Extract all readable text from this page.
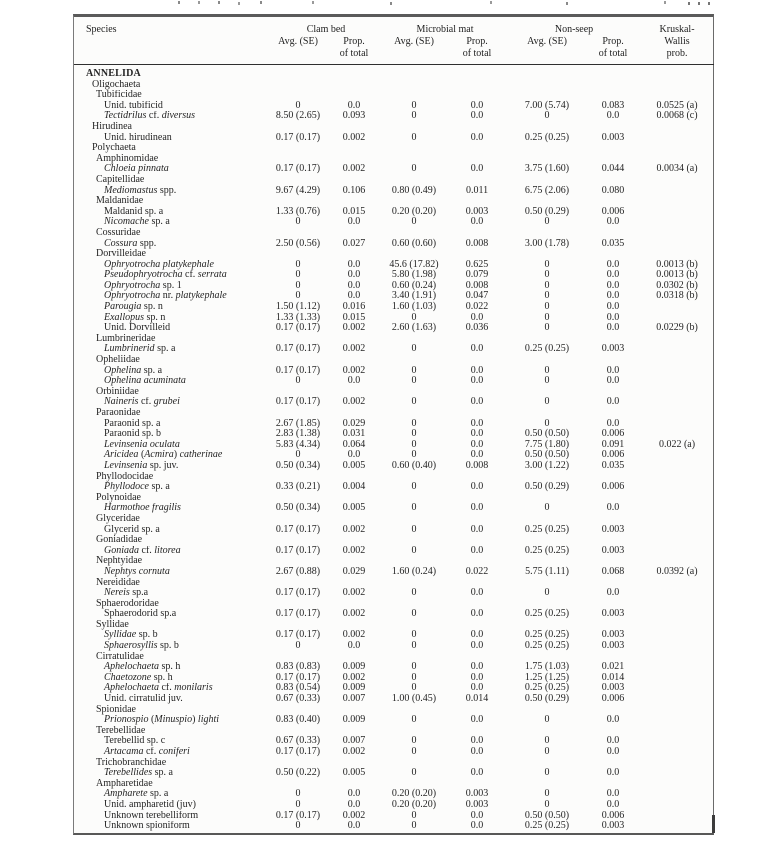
Species	Clam bed		Microbial mat		Non-seep		Kruskal-
Wallis
prob.
	Avg. (SE)	Prop.
of total	Avg. (SE)	Prop.
of total	Avg. (SE)	Prop.
of total	
ANNELIDA							
Oligochaeta							
Tubificidae							
Unid. tubificid	0	0.0	0	0.0	7.00 (5.74)	0.083	0.0525 (a)
Tectidrilus cf. diversus	8.50 (2.65)	0.093	0	0.0	0	0.0	0.0068 (c)
Hirudinea							
Unid. hirudinean	0.17 (0.17)	0.002	0	0.0	0.25 (0.25)	0.003	
Polychaeta							
Amphinomidae							
Chloeia pinnata	0.17 (0.17)	0.002	0	0.0	3.75 (1.60)	0.044	0.0034 (a)
Capitellidae							
Mediomastus spp.	9.67 (4.29)	0.106	0.80 (0.49)	0.011	6.75 (2.06)	0.080	
Maldanidae							
Maldanid sp. a	1.33 (0.76)	0.015	0.20 (0.20)	0.003	0.50 (0.29)	0.006	
Nicomache sp. a	0	0.0	0	0.0	0	0.0	
Cossuridae							
Cossura spp.	2.50 (0.56)	0.027	0.60 (0.60)	0.008	3.00 (1.78)	0.035	
Dorvilleidae							
Ophryotrocha platykephale	0	0.0	45.6 (17.82)	0.625	0	0.0	0.0013 (b)
Pseudophryotrocha cf. serrata	0	0.0	5.80 (1.98)	0.079	0	0.0	0.0013 (b)
Ophryotrocha sp. 1	0	0.0	0.60 (0.24)	0.008	0	0.0	0.0302 (b)
Ophryotrocha nr. platykephale	0	0.0	3.40 (1.91)	0.047	0	0.0	0.0318 (b)
Parougia sp. n	1.50 (1.12)	0.016	1.60 (1.03)	0.022	0	0.0	
Exallopus sp. n	1.33 (1.33)	0.015	0	0.0	0	0.0	
Unid. Dorvilleid	0.17 (0.17)	0.002	2.60 (1.63)	0.036	0	0.0	0.0229 (b)
Lumbrineridae							
Lumbrinerid sp. a	0.17 (0.17)	0.002	0	0.0	0.25 (0.25)	0.003	
Opheliidae							
Ophelina sp. a	0.17 (0.17)	0.002	0	0.0	0	0.0	
Ophelina acuminata	0	0.0	0	0.0	0	0.0	
Orbiniidae							
Naineris cf. grubei	0.17 (0.17)	0.002	0	0.0	0	0.0	
Paraonidae							
Paraonid sp. a	2.67 (1.85)	0.029	0	0.0	0	0.0	
Paraonid sp. b	2.83 (1.38)	0.031	0	0.0	0.50 (0.50)	0.006	
Levinsenia oculata	5.83 (4.34)	0.064	0	0.0	7.75 (1.80)	0.091	0.022 (a)
Aricidea (Acmira) catherinae	0	0.0	0	0.0	0.50 (0.50)	0.006	
Levinsenia sp. juv.	0.50 (0.34)	0.005	0.60 (0.40)	0.008	3.00 (1.22)	0.035	
Phyllodocidae							
Phyllodoce sp. a	0.33 (0.21)	0.004	0	0.0	0.50 (0.29)	0.006	
Polynoidae							
Harmothoe fragilis	0.50 (0.34)	0.005	0	0.0	0	0.0	
Glyceridae							
Glycerid sp. a	0.17 (0.17)	0.002	0	0.0	0.25 (0.25)	0.003	
Goniadidae							
Goniada cf. litorea	0.17 (0.17)	0.002	0	0.0	0.25 (0.25)	0.003	
Nephtyidae							
Nephtys cornuta	2.67 (0.88)	0.029	1.60 (0.24)	0.022	5.75 (1.11)	0.068	0.0392 (a)
Nereididae							
Nereis sp.a	0.17 (0.17)	0.002	0	0.0	0	0.0	
Sphaerodoridae							
Sphaerodorid sp.a	0.17 (0.17)	0.002	0	0.0	0.25 (0.25)	0.003	
Syllidae							
Syllidae sp. b	0.17 (0.17)	0.002	0	0.0	0.25 (0.25)	0.003	
Sphaerosyllis sp. b	0	0.0	0	0.0	0.25 (0.25)	0.003	
Cirratulidae							
Aphelochaeta sp. h	0.83 (0.83)	0.009	0	0.0	1.75 (1.03)	0.021	
Chaetozone sp. h	0.17 (0.17)	0.002	0	0.0	1.25 (1.25)	0.014	
Aphelochaeta cf. monilaris	0.83 (0.54)	0.009	0	0.0	0.25 (0.25)	0.003	
Unid. cirratulid juv.	0.67 (0.33)	0.007	1.00 (0.45)	0.014	0.50 (0.29)	0.006	
Spionidae							
Prionospio (Minuspio) lighti	0.83 (0.40)	0.009	0	0.0	0	0.0	
Terebellidae							
Terebellid sp. c	0.67 (0.33)	0.007	0	0.0	0	0.0	
Artacama cf. coniferi	0.17 (0.17)	0.002	0	0.0	0	0.0	
Trichobranchidae							
Terebellides sp. a	0.50 (0.22)	0.005	0	0.0	0	0.0	
Ampharetidae							
Ampharete sp. a	0	0.0	0.20 (0.20)	0.003	0	0.0	
Unid. ampharetid (juv)	0	0.0	0.20 (0.20)	0.003	0	0.0	
Unknown terebelliform	0.17 (0.17)	0.002	0	0.0	0.50 (0.50)	0.006	
Unknown spioniform	0	0.0	0	0.0	0.25 (0.25)	0.003	
